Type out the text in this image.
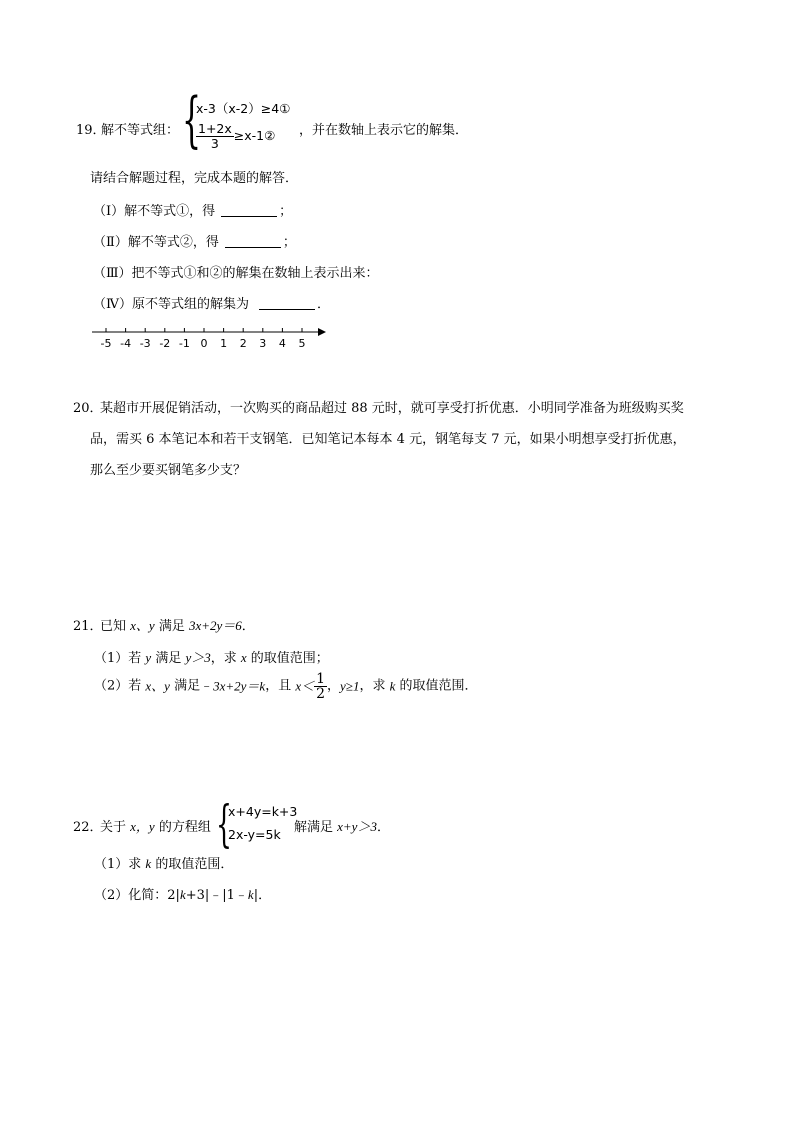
19．
解不等式组： {
x-3（x-2）≥4①
$\frac{1+2x}{3}$ ≥x-1② ，并在数轴上表示它的解集．
请结合解题过程，完成本题的解答．
（Ⅰ）解不等式①，得	；
（Ⅱ）解不等式②，得	；
（Ⅲ）把不等式①和②的解集在数轴上表示出来：
（Ⅳ）原不等式组的解集为	．
-5 -4 -3 -2 -1 0 1 2 3 4 5
20．
某超市开展促销活动，一次购买的商品超过 88 元时，就可享受打折优惠．小明同学准备为班级购买奖
品，需买 6 本笔记本和若干支钢笔．已知笔记本每本 4 元，钢笔每支 7 元，如果小明想享受打折优惠，
那么至少要买钢笔多少支？
21．
已知 x、y 满足 3x+2y＝6．
（1）若 y 满足 y＞3，求 x 的取值范围；
（2）若 x、y 满足﹣3x+2y＝k，且 $x< \frac{1}{2}$ ，y≥1，求 k 的取值范围．
22．
关于 x，y 的方程组 {
x+4y=k+3
2x-y=5k 解满足 x+y＞3．
（1）求 k 的取值范围．
（2）化简：2|k+3|﹣|1﹣k|．
